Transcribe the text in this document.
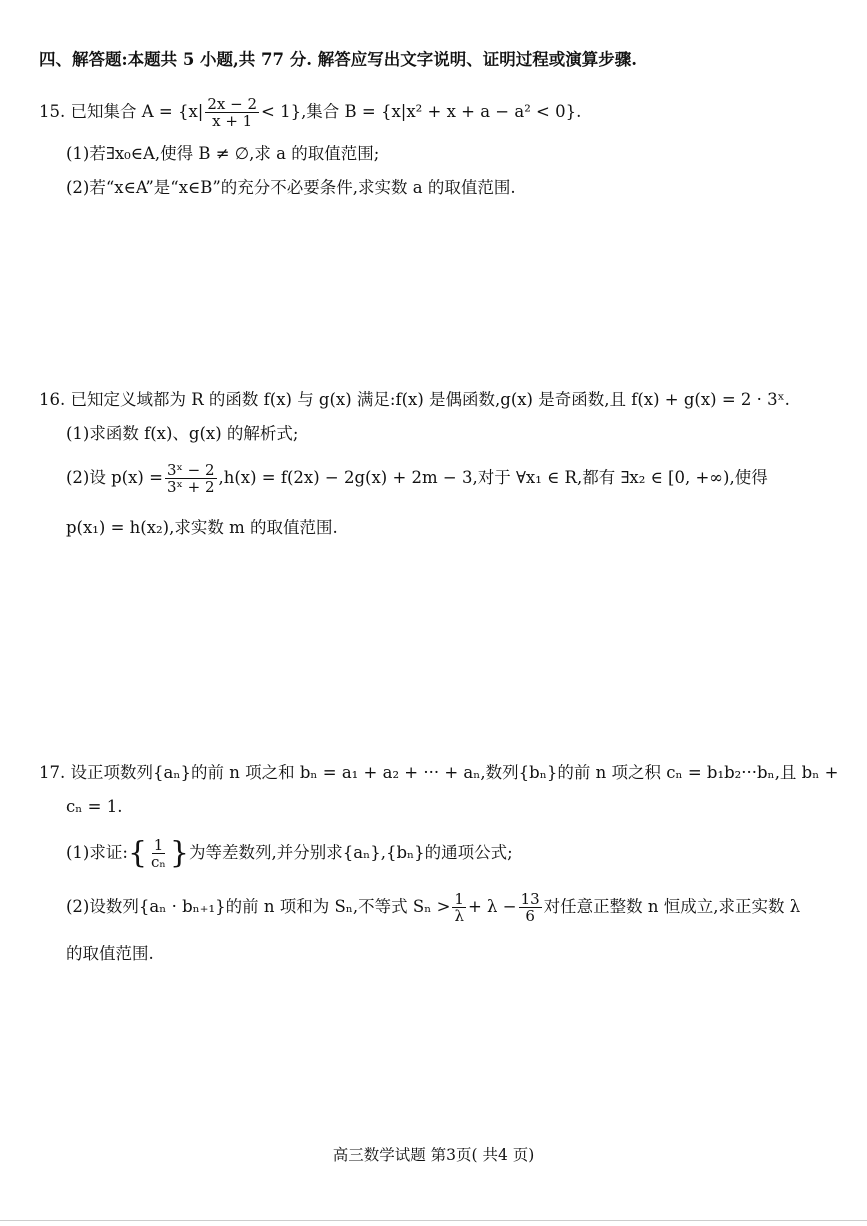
四、解答题:本题共 5 小题,共 77 分. 解答应写出文字说明、证明过程或演算步骤.
15. 已知集合 $A = \{x| \frac{2x - 2}{x + 1} < 1\}$,集合 B = {x|x² + x + a − a² < 0}.
(1)若∃x₀∈A,使得 B ≠ ∅,求 a 的取值范围;
(2)若“x∈A”是“x∈B”的充分不必要条件,求实数 a 的取值范围.
16. 已知定义域都为 R 的函数 f(x) 与 g(x) 满足:f(x) 是偶函数,g(x) 是奇函数,且 f(x) + g(x) = 2 · 3ˣ.
(1)求函数 f(x)、g(x) 的解析式;
(2)设 $p(x) = \frac{\text{3ˣ − 2}}{\text{3ˣ + 2}} ,h(x) = f(2x) - 2g(x) + 2m - 3$,对于 ∀x₁ ∈ R,都有 ∃x₂ ∈ [0, +∞),使得
p(x₁) = h(x₂),求实数 m 的取值范围.
17. 设正项数列{aₙ}的前 n 项之和 bₙ = a₁ + a₂ + ··· + aₙ,数列{bₙ}的前 n 项之积 cₙ = b₁b₂···bₙ,且 bₙ +
cₙ = 1.
(1)求证:{ $\frac{1}{\text{cₙ}}$ }为等差数列,并分别求{aₙ},{bₙ}的通项公式;
(2)设数列{aₙ · bₙ₊₁}的前 n 项和为 Sₙ,不等式 $S_n > \frac{1}{\lambda} + \lambda - \frac{13}{6}$ 对任意正整数 n 恒成立,求正实数 λ
的取值范围.
高三数学试题 第3页( 共4 页)
